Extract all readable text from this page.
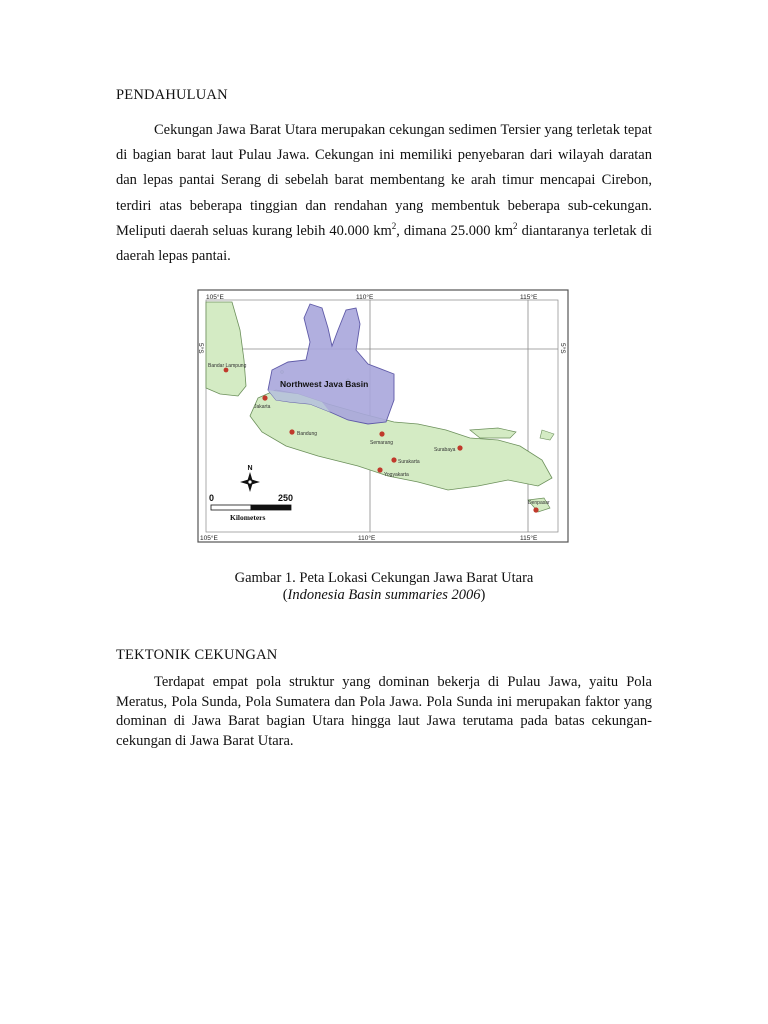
PENDAHULUAN

Cekungan Jawa Barat Utara merupakan cekungan sedimen Tersier yang terletak tepat di bagian barat laut Pulau Jawa. Cekungan ini memiliki penyebaran dari wilayah daratan dan lepas pantai Serang di sebelah barat membentang ke arah timur mencapai Cirebon, terdiri atas beberapa tinggian dan rendahan yang membentuk beberapa sub-cekungan. Meliputi daerah seluas kurang lebih 40.000 $km^2$, dimana 25.000 $km^2$ diantaranya terletak di daerah lepas pantai.

Northwest Java Basin
105°E	110°E	115°E
105°E	110°E	115°E
5°S	5°S
Bandar Lampung
Jakarta
Bandung
Semarang
Surakarta
Yogyakarta
Surabaya
Denpasar
N
0	250
Kilometers
Gambar 1. Peta Lokasi Cekungan Jawa Barat Utara
(Indonesia Basin summaries 2006)
TEKTONIK CEKUNGAN

Terdapat empat pola struktur yang dominan bekerja di Pulau Jawa, yaitu Pola Meratus, Pola Sunda, Pola Sumatera dan Pola Jawa. Pola Sunda ini merupakan faktor yang dominan di Jawa Barat bagian Utara hingga laut Jawa terutama pada batas cekungan-cekungan di Jawa Barat Utara.
